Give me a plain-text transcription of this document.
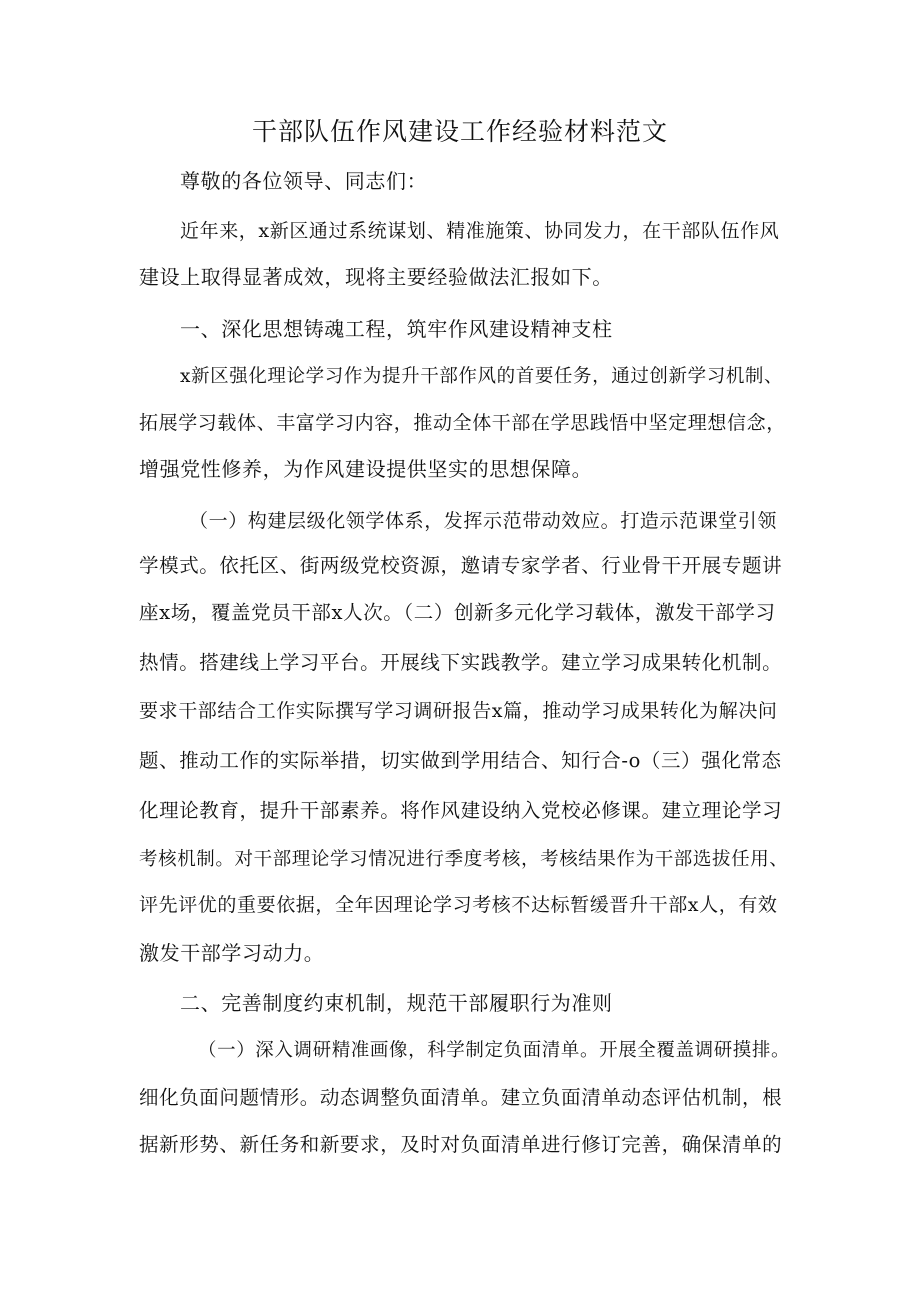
干部队伍作风建设工作经验材料范文
尊敬的各位领导、同志们：
近年来，x新区通过系统谋划、精准施策、协同发力，在干部队伍作风
建设上取得显著成效，现将主要经验做法汇报如下。
一、深化思想铸魂工程，筑牢作风建设精神支柱
x新区强化理论学习作为提升干部作风的首要任务，通过创新学习机制、
拓展学习载体、丰富学习内容，推动全体干部在学思践悟中坚定理想信念，
增强党性修养，为作风建设提供坚实的思想保障。
（一）构建层级化领学体系，发挥示范带动效应。打造示范课堂引领
学模式。依托区、街两级党校资源，邀请专家学者、行业骨干开展专题讲
座x场，覆盖党员干部x人次。（二）创新多元化学习载体，激发干部学习
热情。搭建线上学习平台。开展线下实践教学。建立学习成果转化机制。
要求干部结合工作实际撰写学习调研报告x篇，推动学习成果转化为解决问
题、推动工作的实际举措，切实做到学用结合、知行合-o（三）强化常态
化理论教育，提升干部素养。将作风建设纳入党校必修课。建立理论学习
考核机制。对干部理论学习情况进行季度考核，考核结果作为干部选拔任用、
评先评优的重要依据，全年因理论学习考核不达标暂缓晋升干部x人，有效
激发干部学习动力。
二、完善制度约束机制，规范干部履职行为准则
（一）深入调研精准画像，科学制定负面清单。开展全覆盖调研摸排。
细化负面问题情形。动态调整负面清单。建立负面清单动态评估机制，根
据新形势、新任务和新要求，及时对负面清单进行修订完善，确保清单的
